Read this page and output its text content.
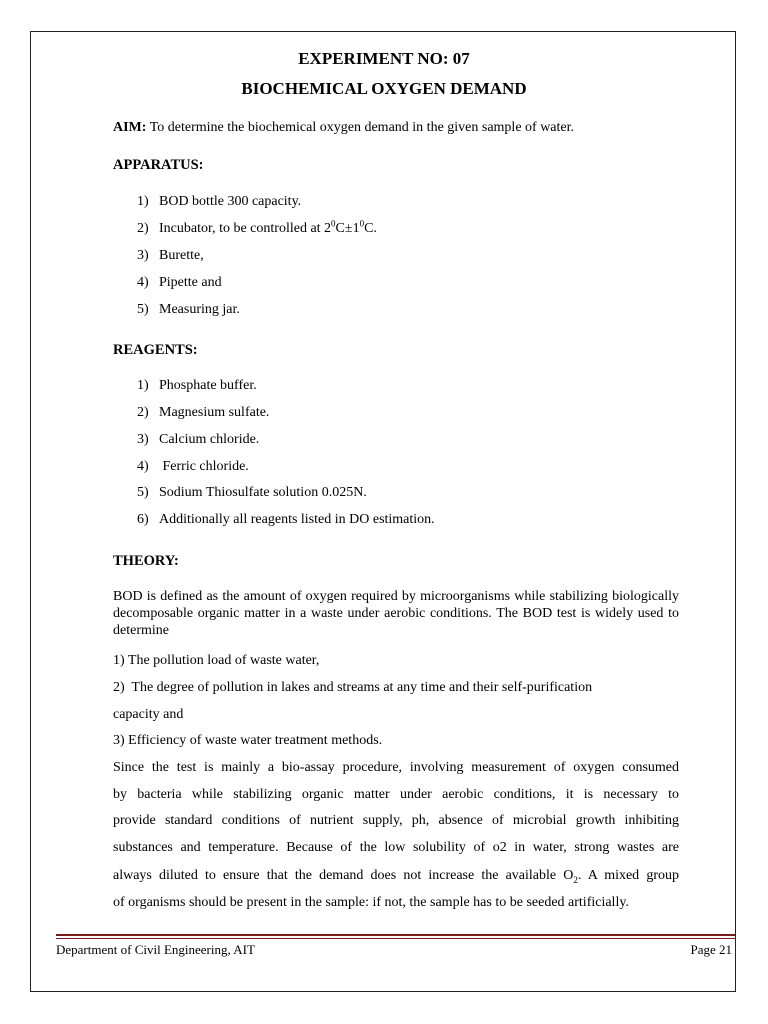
EXPERIMENT NO: 07
BIOCHEMICAL OXYGEN DEMAND
AIM: To determine the biochemical oxygen demand in the given sample of water.
APPARATUS:
1) BOD bottle 300 capacity.
2) Incubator, to be controlled at $2^0C\pm 1^0C$.
3) Burette,
4) Pipette and
5) Measuring jar.
REAGENTS:
1) Phosphate buffer.
2) Magnesium sulfate.
3) Calcium chloride.
4) Ferric chloride.
5) Sodium Thiosulfate solution 0.025N.
6) Additionally all reagents listed in DO estimation.
THEORY:
BOD is defined as the amount of oxygen required by microorganisms while stabilizing biologically decomposable organic matter in a waste under aerobic conditions. The BOD test is widely used to determine
1) The pollution load of waste water,
2)  The degree of pollution in lakes and streams at any time and their self-purification
capacity and
3) Efficiency of waste water treatment methods.
Since the test is mainly a bio-assay procedure, involving measurement of oxygen consumed
by bacteria while stabilizing organic matter under aerobic conditions, it is necessary to
provide standard conditions of nutrient supply, ph, absence of microbial growth inhibiting
substances and temperature. Because of the low solubility of o2 in water, strong wastes are
always diluted to ensure that the demand does not increase the available $O_2$. A mixed group
of organisms should be present in the sample: if not, the sample has to be seeded artificially.
Department of Civil Engineering, AIT	Page 21
